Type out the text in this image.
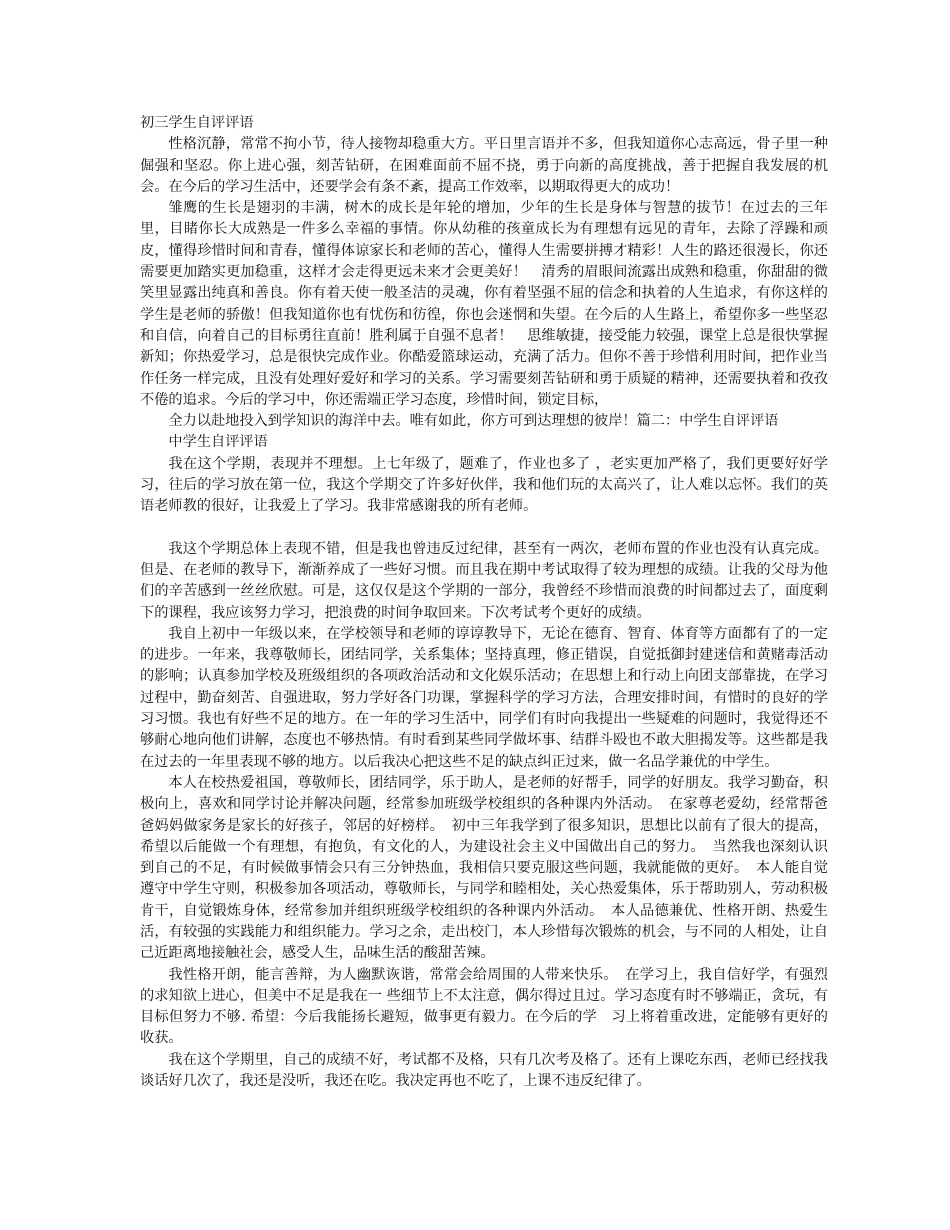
初三学生自评评语
性格沉静，常常不拘小节，待人接物却稳重大方。平日里言语并不多，但我知道你心志高远，骨子里一种倔强和坚忍。你上进心强，刻苦钻研，在困难面前不屈不挠，勇于向新的高度挑战，善于把握自我发展的机会。在今后的学习生活中，还要学会有条不紊，提高工作效率，以期取得更大的成功！
雏鹰的生长是翅羽的丰满，树木的成长是年轮的增加，少年的生长是身体与智慧的拔节！在过去的三年里，目睹你长大成熟是一件多么幸福的事情。你从幼稚的孩童成长为有理想有远见的青年，去除了浮躁和顽皮，懂得珍惜时间和青春，懂得体谅家长和老师的苦心，懂得人生需要拼搏才精彩！人生的路还很漫长，你还需要更加踏实更加稳重，这样才会走得更远未来才会更美好！　清秀的眉眼间流露出成熟和稳重，你甜甜的微笑里显露出纯真和善良。你有着天使一般圣洁的灵魂，你有着坚强不屈的信念和执着的人生追求，有你这样的学生是老师的骄傲！但我知道你也有忧伤和彷徨，你也会迷惘和失望。在今后的人生路上，希望你多一些坚忍和自信，向着自己的目标勇往直前！胜利属于自强不息者！　思维敏捷，接受能力较强，课堂上总是很快掌握新知；你热爱学习，总是很快完成作业。你酷爱篮球运动，充满了活力。但你不善于珍惜利用时间，把作业当作任务一样完成，且没有处理好爱好和学习的关系。学习需要刻苦钻研和勇于质疑的精神，还需要执着和孜孜不倦的追求。今后的学习中，你还需端正学习态度，珍惜时间，锁定目标，
全力以赴地投入到学知识的海洋中去。唯有如此，你方可到达理想的彼岸！篇二：中学生自评评语
中学生自评评语
我在这个学期，表现并不理想。上七年级了，题难了，作业也多了 ，老实更加严格了，我们更要好好学习，往后的学习放在第一位，我这个学期交了许多好伙伴，我和他们玩的太高兴了，让人难以忘怀。我们的英语老师教的很好，让我爱上了学习。我非常感谢我的所有老师。
我这个学期总体上表现不错，但是我也曾违反过纪律，甚至有一两次，老师布置的作业也没有认真完成。但是、在老师的教导下，渐渐养成了一些好习惯。而且我在期中考试取得了较为理想的成绩。让我的父母为他们的辛苦感到一丝丝欣慰。可是，这仅仅是这个学期的一部分，我曾经不珍惜而浪费的时间都过去了，面度剩下的课程，我应该努力学习，把浪费的时间争取回来。下次考试考个更好的成绩。
我自上初中一年级以来，在学校领导和老师的谆谆教导下，无论在德育、智育、体育等方面都有了的一定的进步。一年来，我尊敬师长，团结同学，关系集体；坚持真理，修正错误，自觉抵御封建迷信和黄赌毒活动的影响；认真参加学校及班级组织的各项政治活动和文化娱乐活动；在思想上和行动上向团支部靠拢，在学习过程中，勤奋刻苦、自强进取，努力学好各门功课，掌握科学的学习方法，合理安排时间，有惜时的良好的学习习惯。我也有好些不足的地方。在一年的学习生活中，同学们有时向我提出一些疑难的问题时，我觉得还不够耐心地向他们讲解，态度也不够热情。有时看到某些同学做坏事、结群斗殴也不敢大胆揭发等。这些都是我在过去的一年里表现不够的地方。以后我决心把这些不足的缺点纠正过来，做一名品学兼优的中学生。
本人在校热爱祖国，尊敬师长，团结同学，乐于助人，是老师的好帮手，同学的好朋友。我学习勤奋，积极向上，喜欢和同学讨论并解决问题，经常参加班级学校组织的各种课内外活动。　在家尊老爱幼，经常帮爸爸妈妈做家务是家长的好孩子，邻居的好榜样。　初中三年我学到了很多知识，思想比以前有了很大的提高，希望以后能做一个有理想，有抱负，有文化的人，为建设社会主义中国做出自己的努力。　当然我也深刻认识到自己的不足，有时候做事情会只有三分钟热血，我相信只要克服这些问题，我就能做的更好。　本人能自觉遵守中学生守则，积极参加各项活动，尊敬师长，与同学和睦相处，关心热爱集体，乐于帮助别人，劳动积极肯干，自觉锻炼身体，经常参加并组织班级学校组织的各种课内外活动。　本人品德兼优、性格开朗、热爱生活，有较强的实践能力和组织能力。学习之余，走出校门，本人珍惜每次锻炼的机会，与不同的人相处，让自己近距离地接触社会，感受人生，品味生活的酸甜苦辣。
我性格开朗，能言善辩，为人幽默诙谐，常常会给周围的人带来快乐。　在学习上，我自信好学，有强烈的求知欲上进心，但美中不足是我在一 些细节上不太注意，偶尔得过且过。学习态度有时不够端正，贪玩，有　目标但努力不够. 希望：今后我能扬长避短，做事更有毅力。在今后的学　习上将着重改进，定能够有更好的收获。
我在这个学期里，自己的成绩不好，考试都不及格，只有几次考及格了。还有上课吃东西，老师已经找我谈话好几次了，我还是没听，我还在吃。我决定再也不吃了，上课不违反纪律了。
